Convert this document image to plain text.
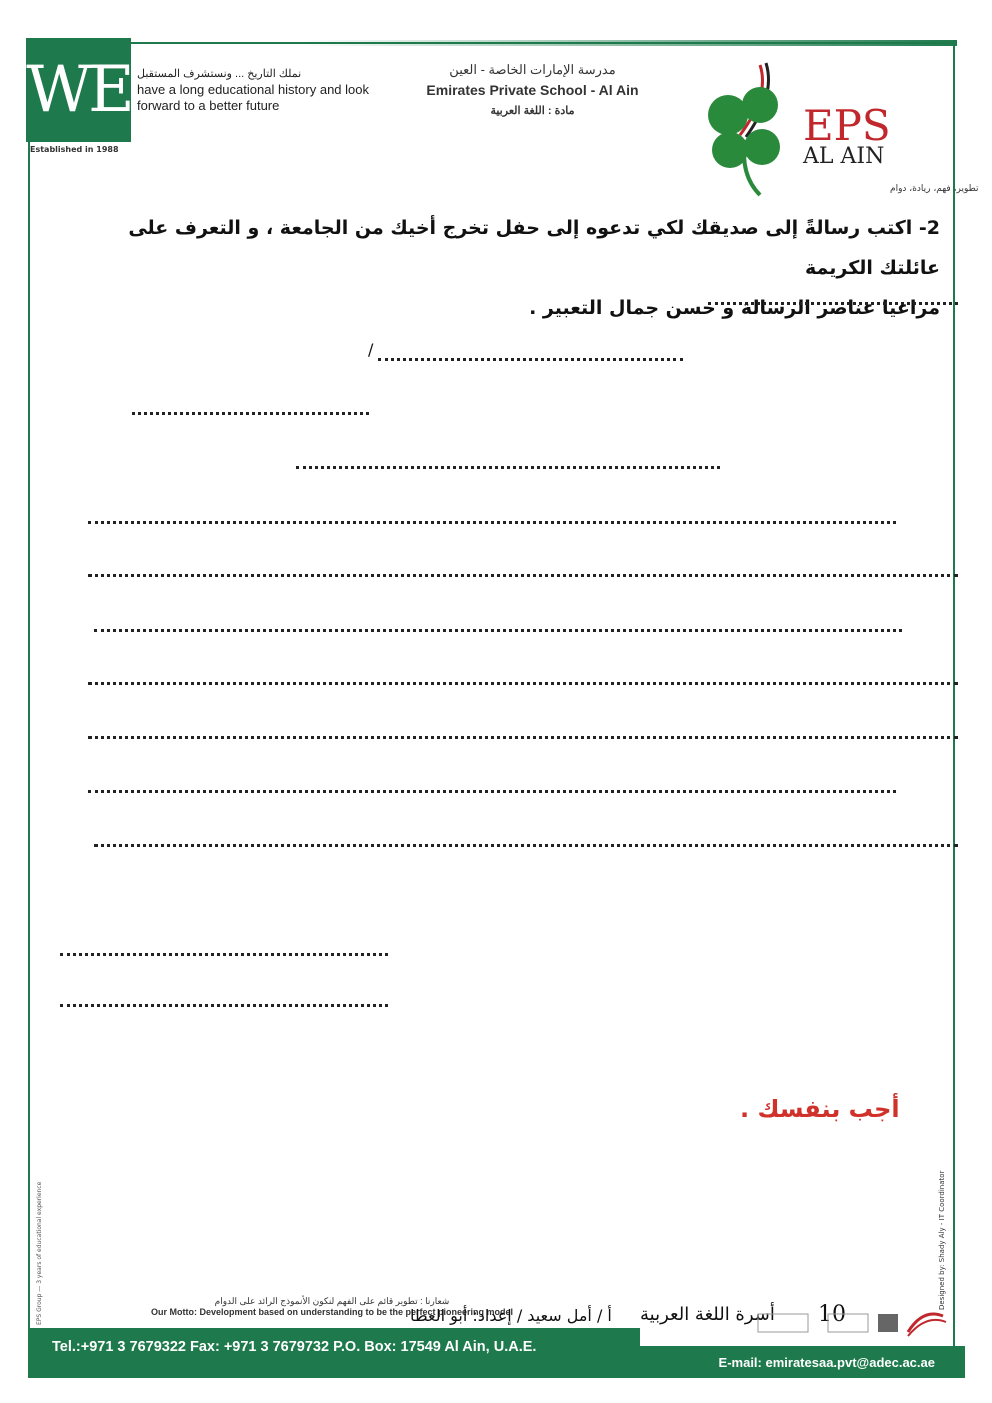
WE
Established in 1988
نملك التاريخ ... ونستشرف المستقبل
have a long educational history and look forward to a better future
مدرسة الإمارات الخاصة - العين
Emirates Private School - Al Ain
مادة : اللغة العربية	EPS
AL AIN
تطوير، فهم، ريادة، دوام
2- اكتب رسالةً إلى صديقك لكي تدعوه إلى حفل تخرج أخيك من الجامعة ، و التعرف على عائلتك الكريمة
مراعيا عناصر الرسالة و حسن جمال التعبير .
/
أجب بنفسك .
EPS Group — 3 years of educational experience	Designed by: Shady Aly - IT Coordinator
شعارنا : تطوير قائم على الفهم لنكون الأنموذج الرائد على الدوام
Our Motto: Development based on understanding to be the perfect pioneering model
أ / أمل سعيد / إعداد: أبو العطا أسرة اللغة العربية 10
Tel.:+971 3 7679322 Fax: +971 3 7679732 P.O. Box: 17549 Al Ain, U.A.E.
E-mail: emiratesaa.pvt@adec.ac.ae
